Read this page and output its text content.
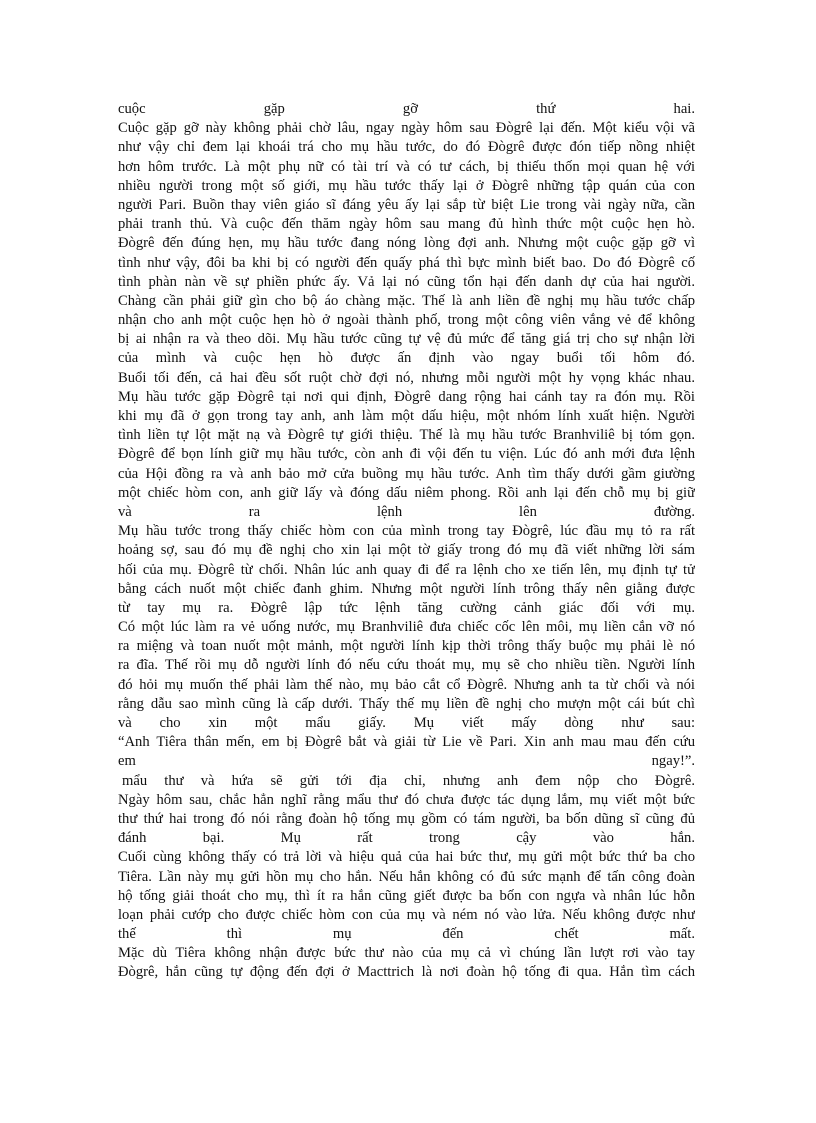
cuộc gặp gỡ thứ hai.
Cuộc gặp gỡ này không phải chờ lâu, ngay ngày hôm sau Đògrê lại đến. Một kiểu vội vã
như vậy chỉ đem lại khoái trá cho mụ hầu tước, do đó Đògrê được đón tiếp nồng nhiệt
hơn hôm trước. Là một phụ nữ có tài trí và có tư cách, bị thiếu thốn mọi quan hệ với
nhiều người trong một số giới, mụ hầu tước thấy lại ở Đògrê những tập quán của con
người Pari. Buồn thay viên giáo sĩ đáng yêu ấy lại sắp từ biệt Lie trong vài ngày nữa, cần
phải tranh thủ. Và cuộc đến thăm ngày hôm sau mang đủ hình thức một cuộc hẹn hò.
Đògrê đến đúng hẹn, mụ hầu tước đang nóng lòng đợi anh. Nhưng một cuộc gặp gỡ vì
tình như vậy, đôi ba khi bị có người đến quấy phá thì bực mình biết bao. Do đó Đògrê cố
tình phàn nàn về sự phiền phức ấy. Vả lại nó cũng tổn hại đến danh dự của hai người.
Chàng cần phải giữ gìn cho bộ áo chàng mặc. Thế là anh liền đề nghị mụ hầu tước chấp
nhận cho anh một cuộc hẹn hò ở ngoài thành phố, trong một công viên vắng vẻ để không
bị ai nhận ra và theo dõi. Mụ hầu tước cũng tự vệ đủ mức để tăng giá trị cho sự nhận lời
của mình và cuộc hẹn hò được ấn định vào ngay buổi tối hôm đó.
Buổi tối đến, cả hai đều sốt ruột chờ đợi nó, nhưng mỗi người một hy vọng khác nhau.
Mụ hầu tước gặp Đògrê tại nơi qui định, Đògrê dang rộng hai cánh tay ra đón mụ. Rồi
khi mụ đã ở gọn trong tay anh, anh làm một dấu hiệu, một nhóm lính xuất hiện. Người
tình liền tự lột mặt nạ và Đògrê tự giới thiệu. Thế là mụ hầu tước Branhviliê bị tóm gọn.
Đògrê để bọn lính giữ mụ hầu tước, còn anh đi vội đến tu viện. Lúc đó anh mới đưa lệnh
của Hội đồng ra và anh bảo mở cửa buồng mụ hầu tước. Anh tìm thấy dưới gầm giường
một chiếc hòm con, anh giữ lấy và đóng dấu niêm phong. Rồi anh lại đến chỗ mụ bị giữ
và ra lệnh lên đường.
Mụ hầu tước trong thấy chiếc hòm con của mình trong tay Đògrê, lúc đầu mụ tỏ ra rất
hoảng sợ, sau đó mụ đề nghị cho xin lại một tờ giấy trong đó mụ đã viết những lời sám
hối của mụ. Đògrê từ chối. Nhân lúc anh quay đi để ra lệnh cho xe tiến lên, mụ định tự tử
bằng cách nuốt một chiếc đanh ghim. Nhưng một người lính trông thấy nên giằng được
từ tay mụ ra. Đògrê lập tức lệnh tăng cường cảnh giác đối với mụ.
Có một lúc làm ra vẻ uống nước, mụ Branhviliê đưa chiếc cốc lên môi, mụ liền cắn vỡ nó
ra miệng và toan nuốt một mảnh, một người lính kịp thời trông thấy buộc mụ phải lè nó
ra đĩa. Thế rồi mụ dỗ người lính đó nếu cứu thoát mụ, mụ sẽ cho nhiều tiền. Người lính
đó hỏi mụ muốn thế phải làm thế nào, mụ bảo cắt cổ Đògrê. Nhưng anh ta từ chối và nói
rằng dẫu sao mình cũng là cấp dưới. Thấy thế mụ liền đề nghị cho mượn một cái bút chì
và cho xin một mẩu giấy. Mụ viết mấy dòng như sau:
“Anh Tiêra thân mến, em bị Đògrê bắt và giải từ Lie về Pari. Xin anh mau mau đến cứu
em ngay!”.
mẩu thư và hứa sẽ gửi tới địa chỉ, nhưng anh đem nộp cho Đògrê.
Ngày hôm sau, chắc hẳn nghĩ rằng mẩu thư đó chưa được tác dụng lắm, mụ viết một bức
thư thứ hai trong đó nói rằng đoàn hộ tống mụ gồm có tám người, ba bốn dũng sĩ cũng đủ
đánh bại. Mụ rất trong cậy vào hắn.
Cuối cùng không thấy có trả lời và hiệu quả của hai bức thư, mụ gửi một bức thứ ba cho
Tiêra. Lần này mụ gửi hồn mụ cho hắn. Nếu hắn không có đủ sức mạnh để tấn công đoàn
hộ tống giải thoát cho mụ, thì ít ra hắn cũng giết được ba bốn con ngựa và nhân lúc hỗn
loạn phải cướp cho được chiếc hòm con của mụ và ném nó vào lửa. Nếu không được như
thế thì mụ đến chết mất.
Mặc dù Tiêra không nhận được bức thư nào của mụ cả vì chúng lần lượt rơi vào tay
Đògrê, hắn cũng tự động đến đợi ở Macttrich là nơi đoàn hộ tống đi qua. Hắn tìm cách
